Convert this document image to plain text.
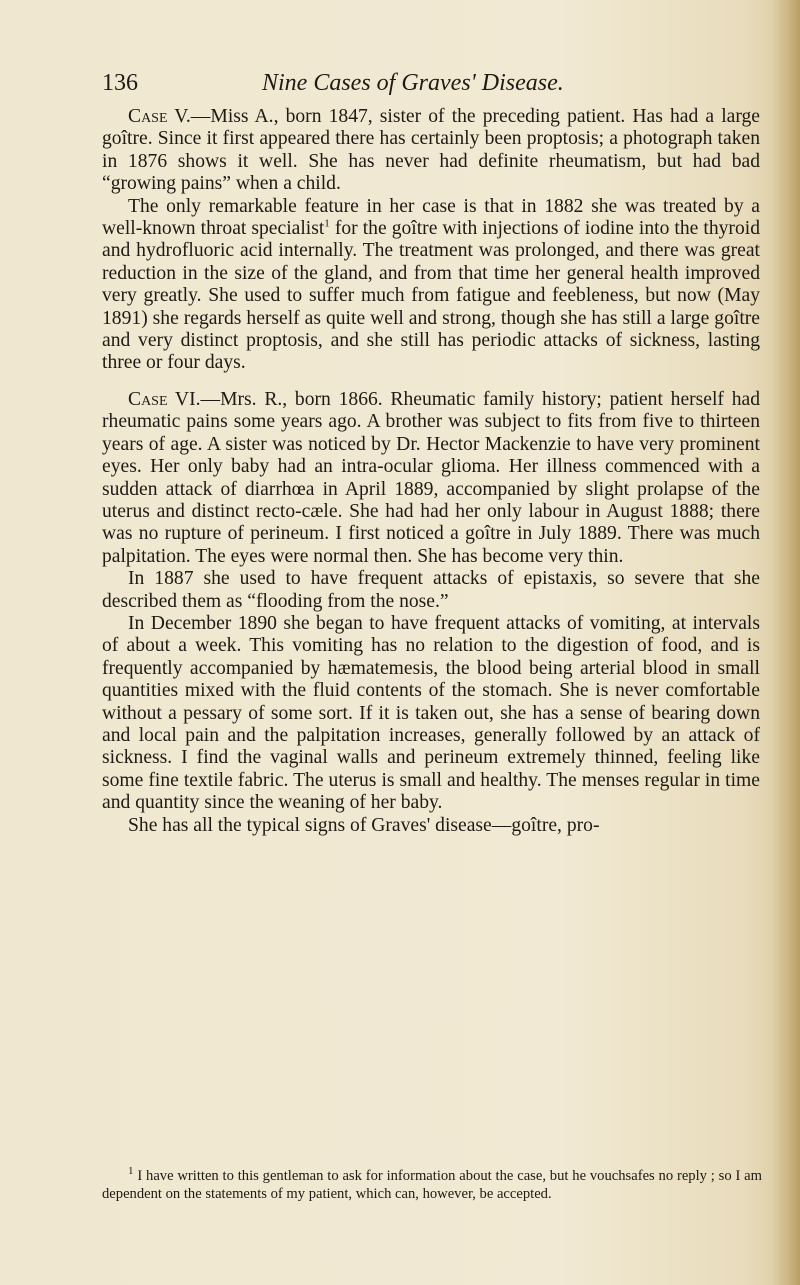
136	Nine Cases of Graves' Disease.

Case V.—Miss A., born 1847, sister of the preceding patient. Has had a large goître. Since it first appeared there has certainly been proptosis; a photograph taken in 1876 shows it well. She has never had definite rheumatism, but had bad “growing pains” when a child.

The only remarkable feature in her case is that in 1882 she was treated by a well-known throat specialist$^1$ for the goître with injections of iodine into the thyroid and hydrofluoric acid internally. The treatment was prolonged, and there was great reduction in the size of the gland, and from that time her general health improved very greatly. She used to suffer much from fatigue and feebleness, but now (May 1891) she regards herself as quite well and strong, though she has still a large goître and very distinct proptosis, and she still has periodic attacks of sickness, lasting three or four days.

Case VI.—Mrs. R., born 1866. Rheumatic family history; patient herself had rheumatic pains some years ago. A brother was subject to fits from five to thirteen years of age. A sister was noticed by Dr. Hector Mackenzie to have very prominent eyes. Her only baby had an intra-ocular glioma. Her illness commenced with a sudden attack of diarrhœa in April 1889, accompanied by slight prolapse of the uterus and distinct recto-cæle. She had had her only labour in August 1888; there was no rupture of perineum. I first noticed a goître in July 1889. There was much palpitation. The eyes were normal then. She has become very thin.

In 1887 she used to have frequent attacks of epistaxis, so severe that she described them as “flooding from the nose.”

In December 1890 she began to have frequent attacks of vomiting, at intervals of about a week. This vomiting has no relation to the digestion of food, and is frequently accompanied by hæmatemesis, the blood being arterial blood in small quantities mixed with the fluid contents of the stomach. She is never comfortable without a pessary of some sort. If it is taken out, she has a sense of bearing down and local pain and the palpitation increases, generally followed by an attack of sickness. I find the vaginal walls and perineum extremely thinned, feeling like some fine textile fabric. The uterus is small and healthy. The menses regular in time and quantity since the weaning of her baby.

She has all the typical signs of Graves' disease—goître, pro-

$^1$ I have written to this gentleman to ask for information about the case, but he vouchsafes no reply ; so I am dependent on the statements of my patient, which can, however, be accepted.
